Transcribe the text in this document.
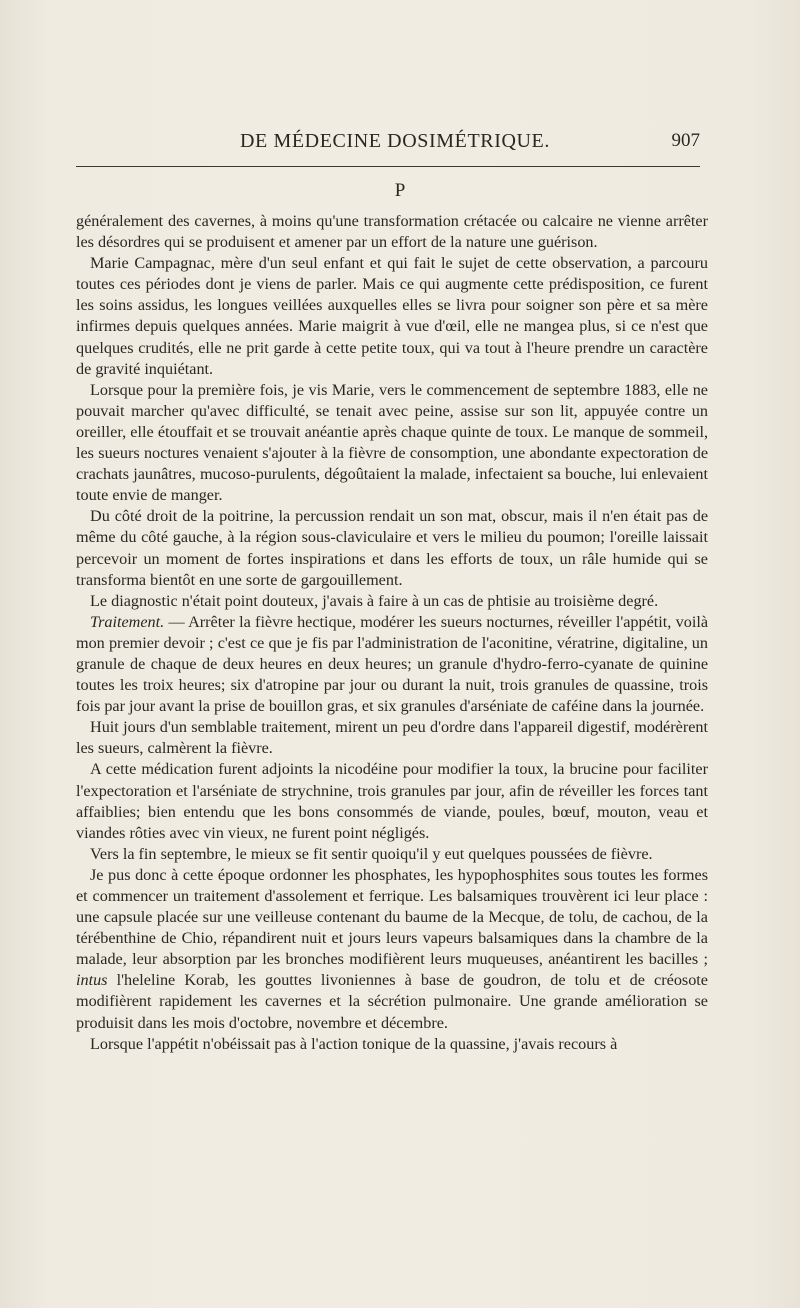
DE MÉDECINE DOSIMÉTRIQUE.	907
P

généralement des cavernes, à moins qu'une transformation crétacée ou calcaire ne vienne arrêter les désordres qui se produisent et amener par un effort de la nature une guérison.

Marie Campagnac, mère d'un seul enfant et qui fait le sujet de cette observation, a parcouru toutes ces périodes dont je viens de parler. Mais ce qui augmente cette prédisposition, ce furent les soins assidus, les longues veillées auxquelles elles se livra pour soigner son père et sa mère infirmes depuis quelques années. Marie maigrit à vue d'œil, elle ne mangea plus, si ce n'est que quelques crudités, elle ne prit garde à cette petite toux, qui va tout à l'heure prendre un caractère de gravité inquiétant.

Lorsque pour la première fois, je vis Marie, vers le commencement de septembre 1883, elle ne pouvait marcher qu'avec difficulté, se tenait avec peine, assise sur son lit, appuyée contre un oreiller, elle étouffait et se trouvait anéantie après chaque quinte de toux. Le manque de sommeil, les sueurs noctures venaient s'ajouter à la fièvre de consomption, une abondante expectoration de crachats jaunâtres, mucoso-purulents, dégoûtaient la malade, infectaient sa bouche, lui enlevaient toute envie de manger.

Du côté droit de la poitrine, la percussion rendait un son mat, obscur, mais il n'en était pas de même du côté gauche, à la région sous-claviculaire et vers le milieu du poumon; l'oreille laissait percevoir un moment de fortes inspirations et dans les efforts de toux, un râle humide qui se transforma bientôt en une sorte de gargouillement.

Le diagnostic n'était point douteux, j'avais à faire à un cas de phtisie au troisième degré.

Traitement. — Arrêter la fièvre hectique, modérer les sueurs nocturnes, réveiller l'appétit, voilà mon premier devoir ; c'est ce que je fis par l'administration de l'aconitine, vératrine, digitaline, un granule de chaque de deux heures en deux heures; un granule d'hydro-ferro-cyanate de quinine toutes les troix heures; six d'atropine par jour ou durant la nuit, trois granules de quassine, trois fois par jour avant la prise de bouillon gras, et six granules d'arséniate de caféine dans la journée.

Huit jours d'un semblable traitement, mirent un peu d'ordre dans l'appareil digestif, modérèrent les sueurs, calmèrent la fièvre.

A cette médication furent adjoints la nicodéine pour modifier la toux, la brucine pour faciliter l'expectoration et l'arséniate de strychnine, trois granules par jour, afin de réveiller les forces tant affaiblies; bien entendu que les bons consommés de viande, poules, bœuf, mouton, veau et viandes rôties avec vin vieux, ne furent point négligés.

Vers la fin septembre, le mieux se fit sentir quoiqu'il y eut quelques poussées de fièvre.

Je pus donc à cette époque ordonner les phosphates, les hypophosphites sous toutes les formes et commencer un traitement d'assolement et ferrique. Les balsamiques trouvèrent ici leur place : une capsule placée sur une veilleuse contenant du baume de la Mecque, de tolu, de cachou, de la térébenthine de Chio, répandirent nuit et jours leurs vapeurs balsamiques dans la chambre de la malade, leur absorption par les bronches modifièrent leurs muqueuses, anéantirent les bacilles ; intus l'heleline Korab, les gouttes livoniennes à base de goudron, de tolu et de créosote modifièrent rapidement les cavernes et la sécrétion pulmonaire. Une grande amélioration se produisit dans les mois d'octobre, novembre et décembre.

Lorsque l'appétit n'obéissait pas à l'action tonique de la quassine, j'avais recours à
